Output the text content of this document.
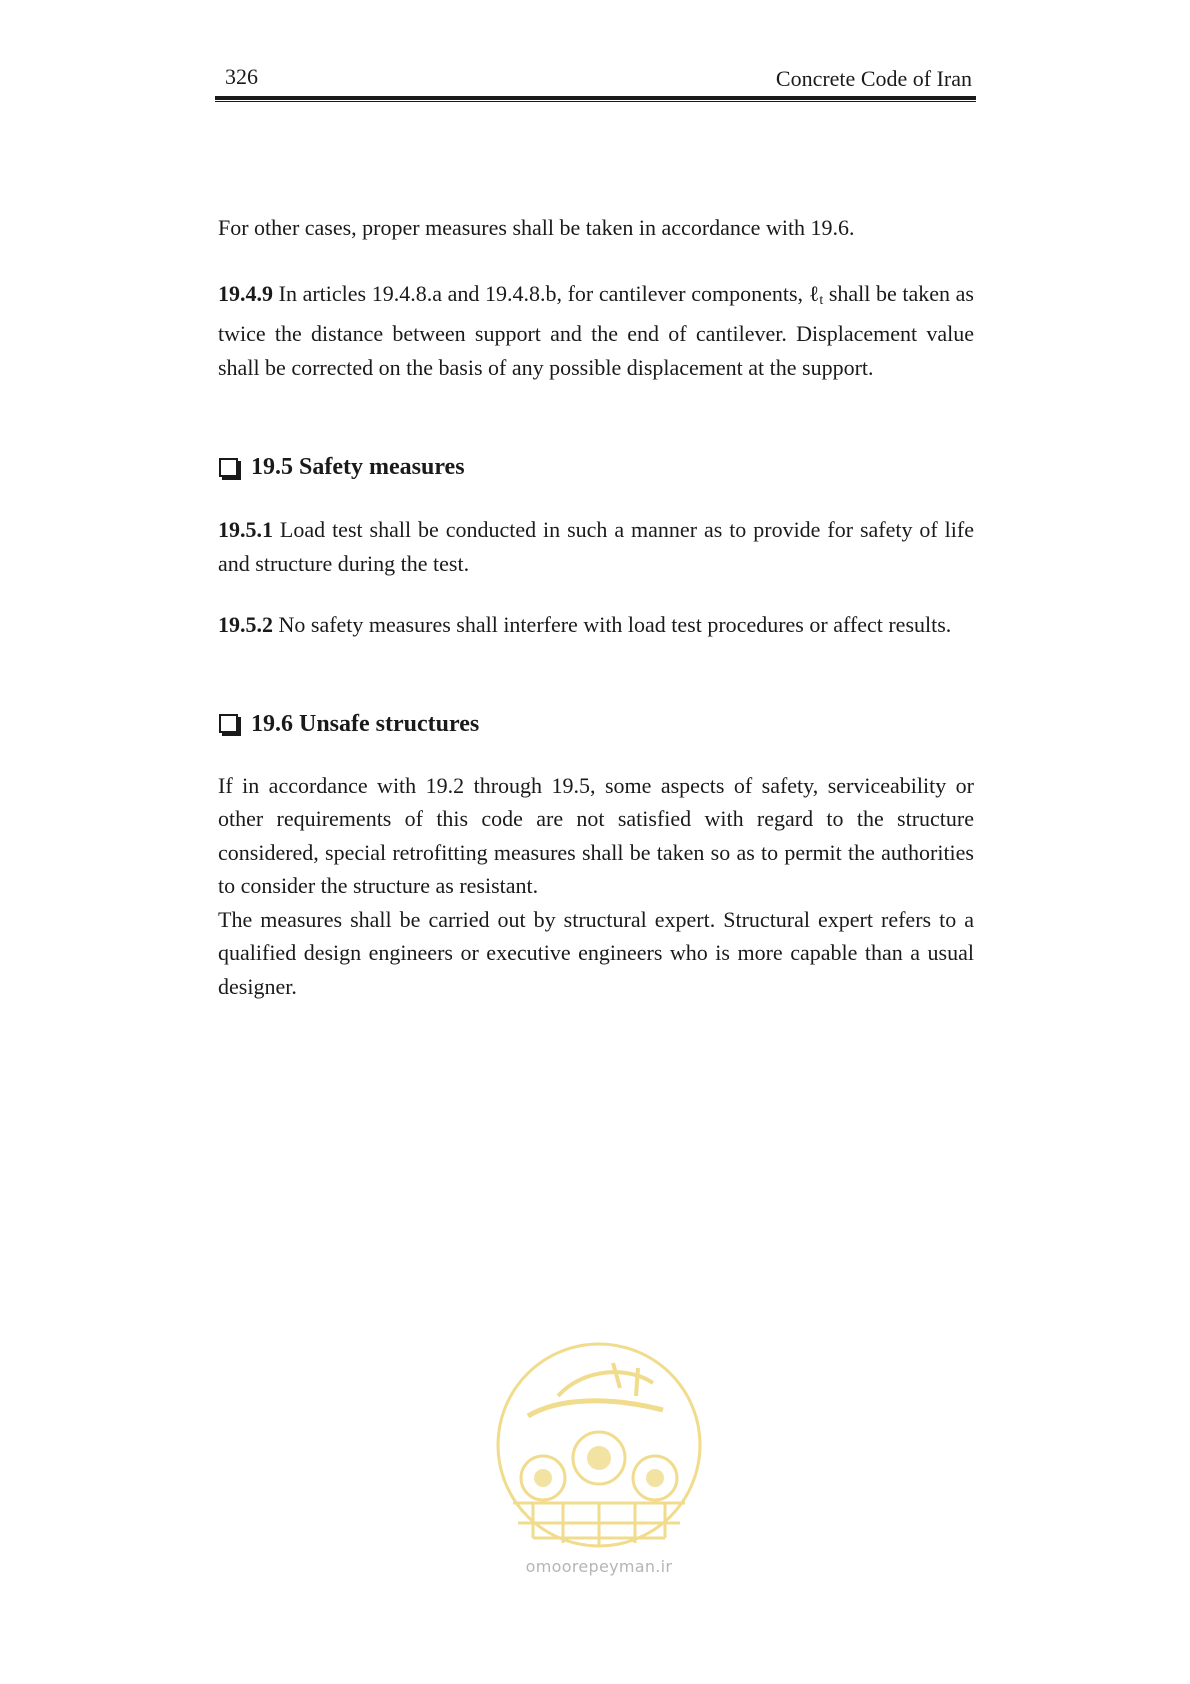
326	Concrete Code of Iran

For other cases, proper measures shall be taken in accordance with 19.6.

19.4.9 In articles 19.4.8.a and 19.4.8.b, for cantilever components, ℓ$_t$ shall be taken as twice the distance between support and the end of cantilever. Displacement value shall be corrected on the basis of any possible displacement at the support.

19.5 Safety measures

19.5.1 Load test shall be conducted in such a manner as to provide for safety of life and structure during the test.

19.5.2 No safety measures shall interfere with load test procedures or affect results.

19.6 Unsafe structures

If in accordance with 19.2 through 19.5, some aspects of safety, serviceability or other requirements of this code are not satisfied with regard to the structure considered, special retrofitting measures shall be taken so as to permit the authorities to consider the structure as resistant.

The measures shall be carried out by structural expert. Structural expert refers to a qualified design engineers or executive engineers who is more capable than a usual designer.

omoorepeyman.ir
